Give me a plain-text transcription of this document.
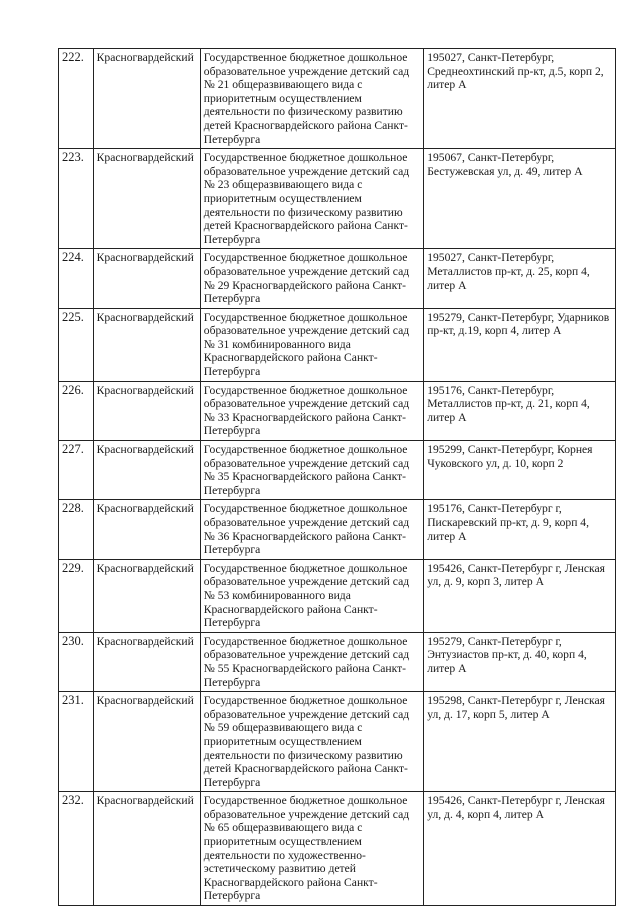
222.	Красногвардейский	Государственное бюджетное дошкольное образовательное учреждение детский сад № 21 общеразвивающего вида с приоритетным осуществлением деятельности по физическому развитию детей Красногвардейского района Санкт-Петербурга	195027, Санкт-Петербург, Среднеохтинский пр-кт, д.5, корп 2, литер А
223.	Красногвардейский	Государственное бюджетное дошкольное образовательное учреждение детский сад № 23 общеразвивающего вида с приоритетным осуществлением деятельности по физическому развитию детей Красногвардейского района Санкт-Петербурга	195067, Санкт-Петербург, Бестужевская ул, д. 49, литер А
224.	Красногвардейский	Государственное бюджетное дошкольное образовательное учреждение детский сад № 29 Красногвардейского района Санкт-Петербурга	195027, Санкт-Петербург, Металлистов пр-кт, д. 25, корп 4, литер А
225.	Красногвардейский	Государственное бюджетное дошкольное образовательное учреждение детский сад № 31 комбинированного вида Красногвардейского района Санкт-Петербурга	195279, Санкт-Петербург, Ударников пр-кт, д.19, корп 4, литер А
226.	Красногвардейский	Государственное бюджетное дошкольное образовательное учреждение детский сад № 33 Красногвардейского района Санкт-Петербурга	195176, Санкт-Петербург, Металлистов пр-кт, д. 21, корп 4, литер А
227.	Красногвардейский	Государственное бюджетное дошкольное образовательное учреждение детский сад № 35 Красногвардейского района Санкт-Петербурга	195299, Санкт-Петербург, Корнея Чуковского ул, д. 10, корп 2
228.	Красногвардейский	Государственное бюджетное дошкольное образовательное учреждение детский сад № 36 Красногвардейского района Санкт-Петербурга	195176, Санкт-Петербург г, Пискаревский пр-кт, д. 9, корп 4, литер А
229.	Красногвардейский	Государственное бюджетное дошкольное образовательное учреждение детский сад № 53 комбинированного вида Красногвардейского района Санкт-Петербурга	195426, Санкт-Петербург г, Ленская ул, д. 9, корп 3, литер А
230.	Красногвардейский	Государственное бюджетное дошкольное образовательное учреждение детский сад № 55 Красногвардейского района Санкт-Петербурга	195279, Санкт-Петербург г, Энтузиастов пр-кт, д. 40, корп 4, литер А
231.	Красногвардейский	Государственное бюджетное дошкольное образовательное учреждение детский сад № 59 общеразвивающего вида с приоритетным осуществлением деятельности по физическому развитию детей Красногвардейского района Санкт-Петербурга	195298, Санкт-Петербург г, Ленская ул, д. 17, корп 5, литер А
232.	Красногвардейский	Государственное бюджетное дошкольное образовательное учреждение детский сад № 65 общеразвивающего вида с приоритетным осуществлением деятельности по художественно-эстетическому развитию детей Красногвардейского района Санкт-Петербурга	195426, Санкт-Петербург г, Ленская ул, д. 4, корп 4, литер А
